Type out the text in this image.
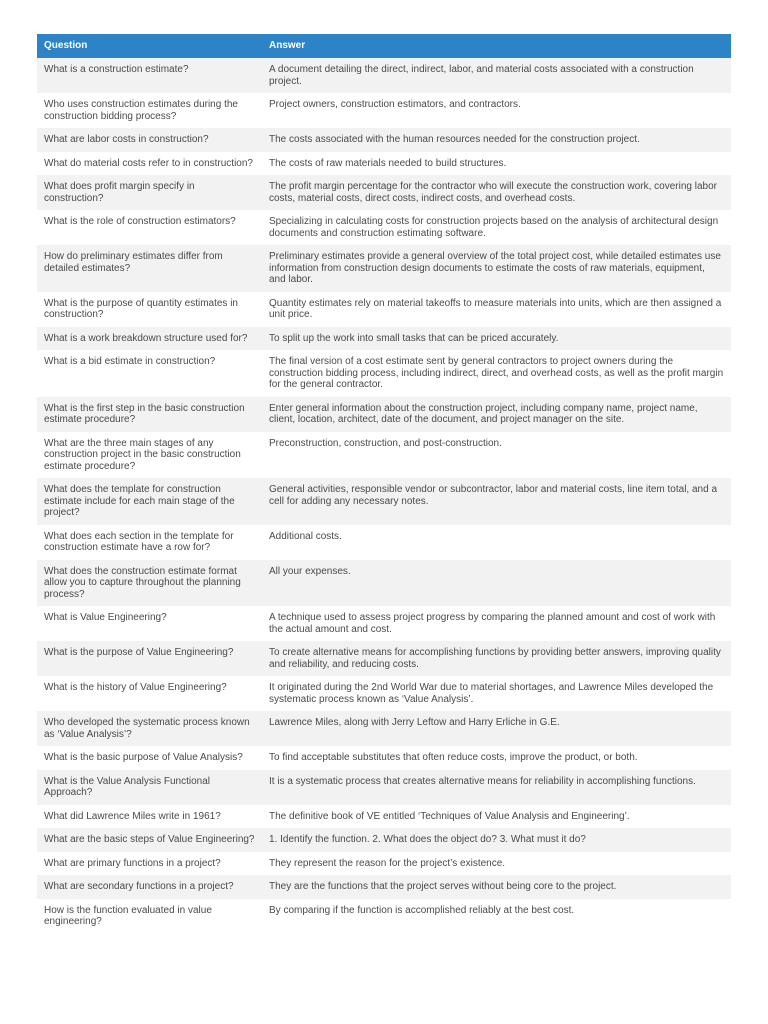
Question	Answer
What is a construction estimate?	A document detailing the direct, indirect, labor, and material costs associated with a construction project.
Who uses construction estimates during the construction bidding process?	Project owners, construction estimators, and contractors.
What are labor costs in construction?	The costs associated with the human resources needed for the construction project.
What do material costs refer to in construction?	The costs of raw materials needed to build structures.
What does profit margin specify in construction?	The profit margin percentage for the contractor who will execute the construction work, covering labor costs, material costs, direct costs, indirect costs, and overhead costs.
What is the role of construction estimators?	Specializing in calculating costs for construction projects based on the analysis of architectural design documents and construction estimating software.
How do preliminary estimates differ from detailed estimates?	Preliminary estimates provide a general overview of the total project cost, while detailed estimates use information from construction design documents to estimate the costs of raw materials, equipment, and labor.
What is the purpose of quantity estimates in construction?	Quantity estimates rely on material takeoffs to measure materials into units, which are then assigned a unit price.
What is a work breakdown structure used for?	To split up the work into small tasks that can be priced accurately.
What is a bid estimate in construction?	The final version of a cost estimate sent by general contractors to project owners during the construction bidding process, including indirect, direct, and overhead costs, as well as the profit margin for the general contractor.
What is the first step in the basic construction estimate procedure?	Enter general information about the construction project, including company name, project name, client, location, architect, date of the document, and project manager on the site.
What are the three main stages of any construction project in the basic construction estimate procedure?	Preconstruction, construction, and post-construction.
What does the template for construction estimate include for each main stage of the project?	General activities, responsible vendor or subcontractor, labor and material costs, line item total, and a cell for adding any necessary notes.
What does each section in the template for construction estimate have a row for?	Additional costs.
What does the construction estimate format allow you to capture throughout the planning process?	All your expenses.
What is Value Engineering?	A technique used to assess project progress by comparing the planned amount and cost of work with the actual amount and cost.
What is the purpose of Value Engineering?	To create alternative means for accomplishing functions by providing better answers, improving quality and reliability, and reducing costs.
What is the history of Value Engineering?	It originated during the 2nd World War due to material shortages, and Lawrence Miles developed the systematic process known as ‘Value Analysis’.
Who developed the systematic process known as ‘Value Analysis’?	Lawrence Miles, along with Jerry Leftow and Harry Erliche in G.E.
What is the basic purpose of Value Analysis?	To find acceptable substitutes that often reduce costs, improve the product, or both.
What is the Value Analysis Functional Approach?	It is a systematic process that creates alternative means for reliability in accomplishing functions.
What did Lawrence Miles write in 1961?	The definitive book of VE entitled ‘Techniques of Value Analysis and Engineering’.
What are the basic steps of Value Engineering?	1. Identify the function. 2. What does the object do? 3. What must it do?
What are primary functions in a project?	They represent the reason for the project’s existence.
What are secondary functions in a project?	They are the functions that the project serves without being core to the project.
How is the function evaluated in value engineering?	By comparing if the function is accomplished reliably at the best cost.
